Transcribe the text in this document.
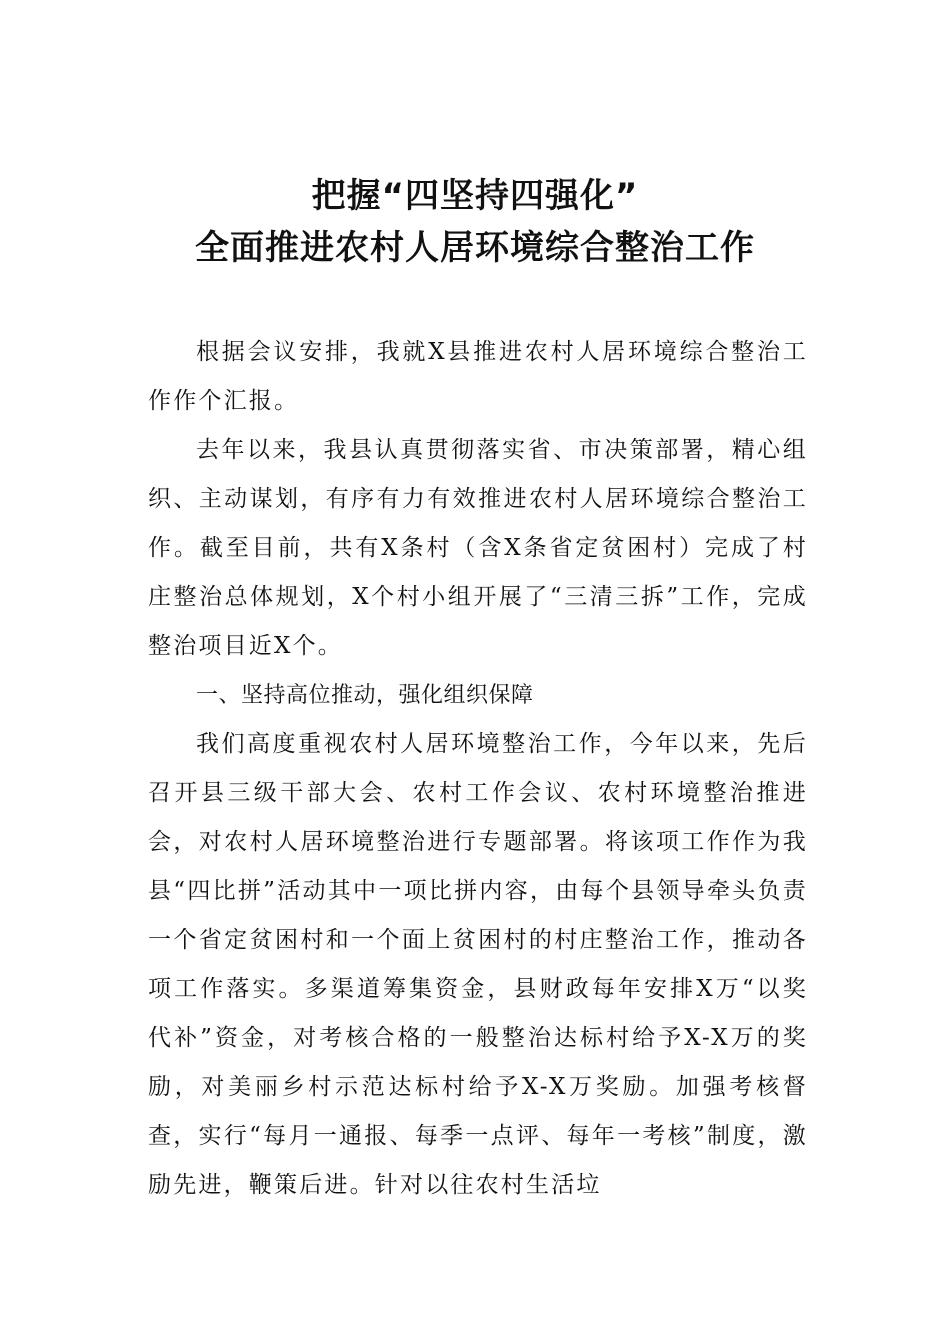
把握“四坚持四强化”
全面推进农村人居环境综合整治工作

根据会议安排，我就X县推进农村人居环境综合整治工作作个汇报。

去年以来，我县认真贯彻落实省、市决策部署，精心组织、主动谋划，有序有力有效推进农村人居环境综合整治工作。截至目前，共有X条村（含X条省定贫困村）完成了村庄整治总体规划，X个村小组开展了“三清三拆”工作，完成整治项目近X个。

一、坚持高位推动，强化组织保障

我们高度重视农村人居环境整治工作，今年以来，先后召开县三级干部大会、农村工作会议、农村环境整治推进会，对农村人居环境整治进行专题部署。将该项工作作为我县“四比拼”活动其中一项比拼内容，由每个县领导牵头负责一个省定贫困村和一个面上贫困村的村庄整治工作，推动各项工作落实。多渠道筹集资金，县财政每年安排X万“以奖代补”资金，对考核合格的一般整治达标村给予X-X万的奖励，对美丽乡村示范达标村给予X-X万奖励。加强考核督查，实行“每月一通报、每季一点评、每年一考核”制度，激励先进，鞭策后进。针对以往农村生活垃
